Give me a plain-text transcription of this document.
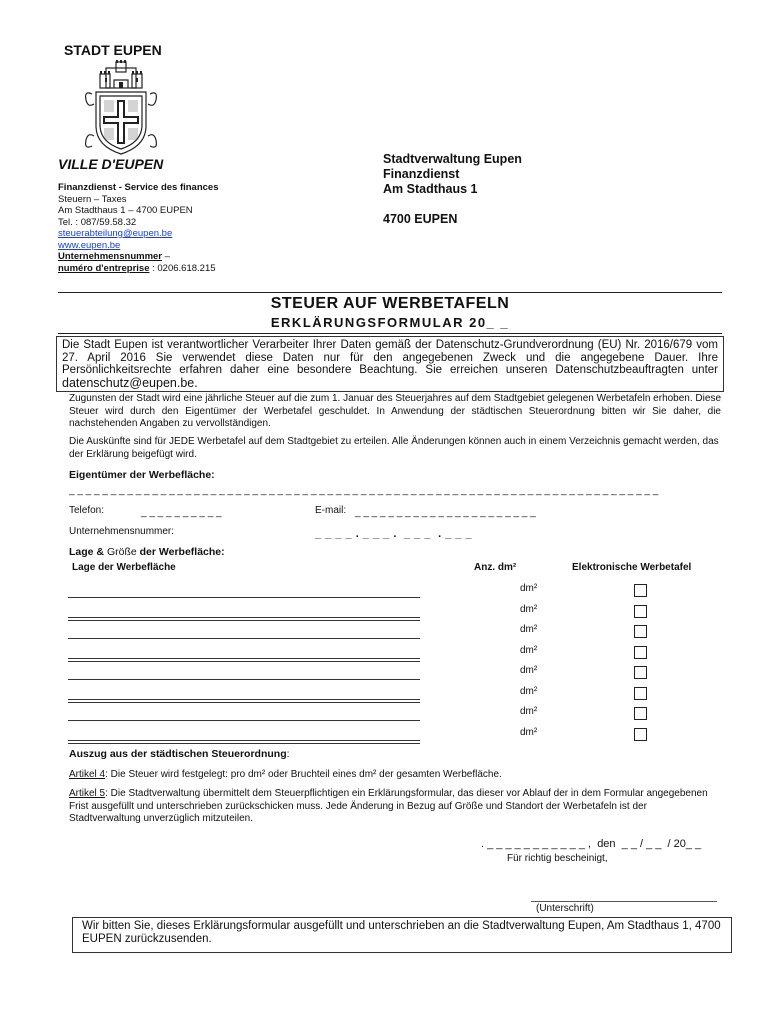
STADT EUPEN
VILLE D'EUPEN
Finanzdienst - Service des finances
Steuern – Taxes
Am Stadthaus 1 – 4700 EUPEN
Tel. : 087/59.58.32
steuerabteilung@eupen.be
www.eupen.be
Unternehmensnummer –
numéro d'entreprise : 0206.618.215
Stadtverwaltung Eupen
Finanzdienst
Am Stadthaus 1
4700 EUPEN
STEUER AUF WERBETAFELN
ERKLÄRUNGSFORMULAR 20_ _
Die Stadt Eupen ist verantwortlicher Verarbeiter Ihrer Daten gemäß der Datenschutz-Grundverordnung (EU) Nr. 2016/679 vom 27. April 2016 Sie verwendet diese Daten nur für den angegebenen Zweck und die angegebene Dauer. Ihre Persönlichkeitsrechte erfahren daher eine besondere Beachtung. Sie erreichen unseren Datenschutzbeauftragten unter datenschutz@eupen.be.
Zugunsten der Stadt wird eine jährliche Steuer auf die zum 1. Januar des Steuerjahres auf dem Stadtgebiet gelegenen Werbetafeln erhoben. Diese Steuer wird durch den Eigentümer der Werbetafel geschuldet. In Anwendung der städtischen Steuerordnung bitten wir Sie daher, die nachstehenden Angaben zu vervollständigen.
Die Auskünfte sind für JEDE Werbetafel auf dem Stadtgebiet zu erteilen. Alle Änderungen können auch in einem Verzeichnis gemacht werden, das der Erklärung beigefügt wird.
Eigentümer der Werbefläche:
_ _ _ _ _ _ _ _ _ _ _ _ _ _ _ _ _ _ _ _ _ _ _ _ _ _ _ _ _ _ _ _ _ _ _ _ _ _ _ _ _ _ _ _ _ _ _ _ _ _ _ _ _ _ _ _ _ _ _ _ _ _ _ _ _ _ _ _ _ _ _
Telefon:	_ _ _ _ _ _ _ _ _ _	E-mail: _ _ _ _ _ _ _ _ _ _ _ _ _ _ _ _ _ _ _ _ _ _
Unternehmensnummer:	_ _ _ _ . _ _ _ .  _ _ _  . _ _ _
Lage & Größe der Werbefläche:
Lage der Werbefläche	Anz. dm²	Elektronische Werbetafel
dm²
dm²
dm²
dm²
dm²
dm²
dm²
dm²
Auszug aus der städtischen Steuerordnung:
Artikel 4: Die Steuer wird festgelegt: pro dm² oder Bruchteil eines dm² der gesamten Werbefläche.
Artikel 5: Die Stadtverwaltung übermittelt dem Steuerpflichtigen ein Erklärungsformular, das dieser vor Ablauf der in dem Formular angegebenen Frist ausgefüllt und unterschrieben zurückschicken muss. Jede Änderung in Bezug auf Größe und Standort der Werbetafeln ist der Stadtverwaltung unverzüglich mitzuteilen.
. _ _ _ _ _ _ _ _ _ _ _ ,  den  _ _ / _ _  / 20_ _
Für richtig bescheinigt,
(Unterschrift)
Wir bitten Sie, dieses Erklärungsformular ausgefüllt und unterschrieben an die Stadtverwaltung Eupen, Am Stadthaus 1, 4700 EUPEN zurückzusenden.
